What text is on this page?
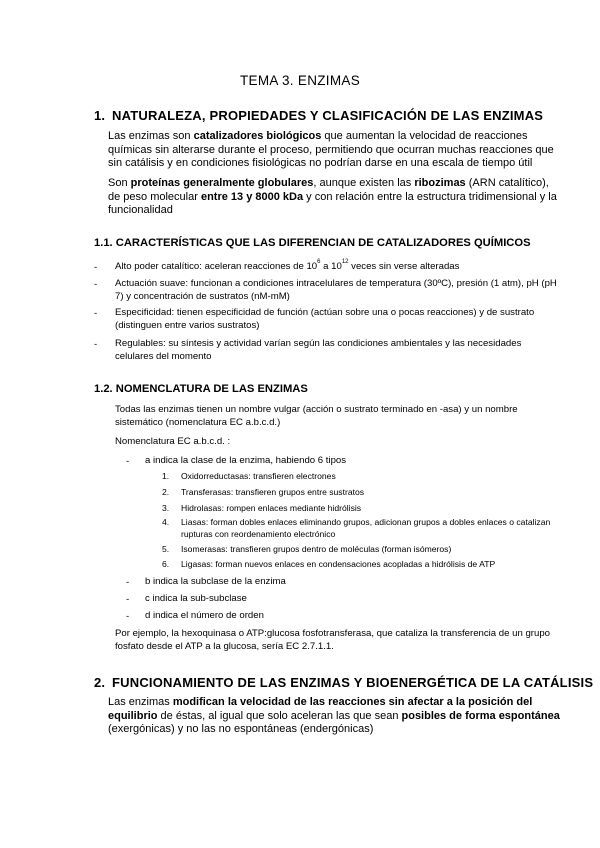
TEMA 3. ENZIMAS
1. NATURALEZA, PROPIEDADES Y CLASIFICACIÓN DE LAS ENZIMAS
Las enzimas son catalizadores biológicos que aumentan la velocidad de reacciones químicas sin alterarse durante el proceso, permitiendo que ocurran muchas reacciones que sin catálisis y en condiciones fisiológicas no podrían darse en una escala de tiempo útil
Son proteínas generalmente globulares, aunque existen las ribozimas (ARN catalítico), de peso molecular entre 13 y 8000 kDa y con relación entre la estructura tridimensional y la funcionalidad
1.1. CARACTERÍSTICAS QUE LAS DIFERENCIAN DE CATALIZADORES QUÍMICOS
- Alto poder catalítico: aceleran reacciones de $10^6$ a $10^{12}$ veces sin verse alteradas
- Actuación suave: funcionan a condiciones intracelulares de temperatura (30ºC), presión (1 atm), pH (pH 7) y concentración de sustratos (nM-mM)
- Especificidad: tienen especificidad de función (actúan sobre una o pocas reacciones) y de sustrato (distinguen entre varios sustratos)
- Regulables: su síntesis y actividad varían según las condiciones ambientales y las necesidades celulares del momento
1.2. NOMENCLATURA DE LAS ENZIMAS
Todas las enzimas tienen un nombre vulgar (acción o sustrato terminado en -asa) y un nombre sistemático (nomenclatura EC a.b.c.d.)
Nomenclatura EC a.b.c.d. :
- a indica la clase de la enzima, habiendo 6 tipos
1. Oxidorreductasas: transfieren electrones
2. Transferasas: transfieren grupos entre sustratos
3. Hidrolasas: rompen enlaces mediante hidrólisis
4. Liasas: forman dobles enlaces eliminando grupos, adicionan grupos a dobles enlaces o catalizan rupturas con reordenamiento electrónico
5. Isomerasas: transfieren grupos dentro de moléculas (forman isómeros)
6. Ligasas: forman nuevos enlaces en condensaciones acopladas a hidrólisis de ATP
- b indica la subclase de la enzima
- c indica la sub-subclase
- d indica el número de orden
Por ejemplo, la hexoquinasa o ATP:glucosa fosfotransferasa, que cataliza la transferencia de un grupo fosfato desde el ATP a la glucosa, sería EC 2.7.1.1.
2. FUNCIONAMIENTO DE LAS ENZIMAS Y BIOENERGÉTICA DE LA CATÁLISIS
Las enzimas modifican la velocidad de las reacciones sin afectar a la posición del equilibrio de éstas, al igual que solo aceleran las que sean posibles de forma espontánea (exergónicas) y no las no espontáneas (endergónicas)
